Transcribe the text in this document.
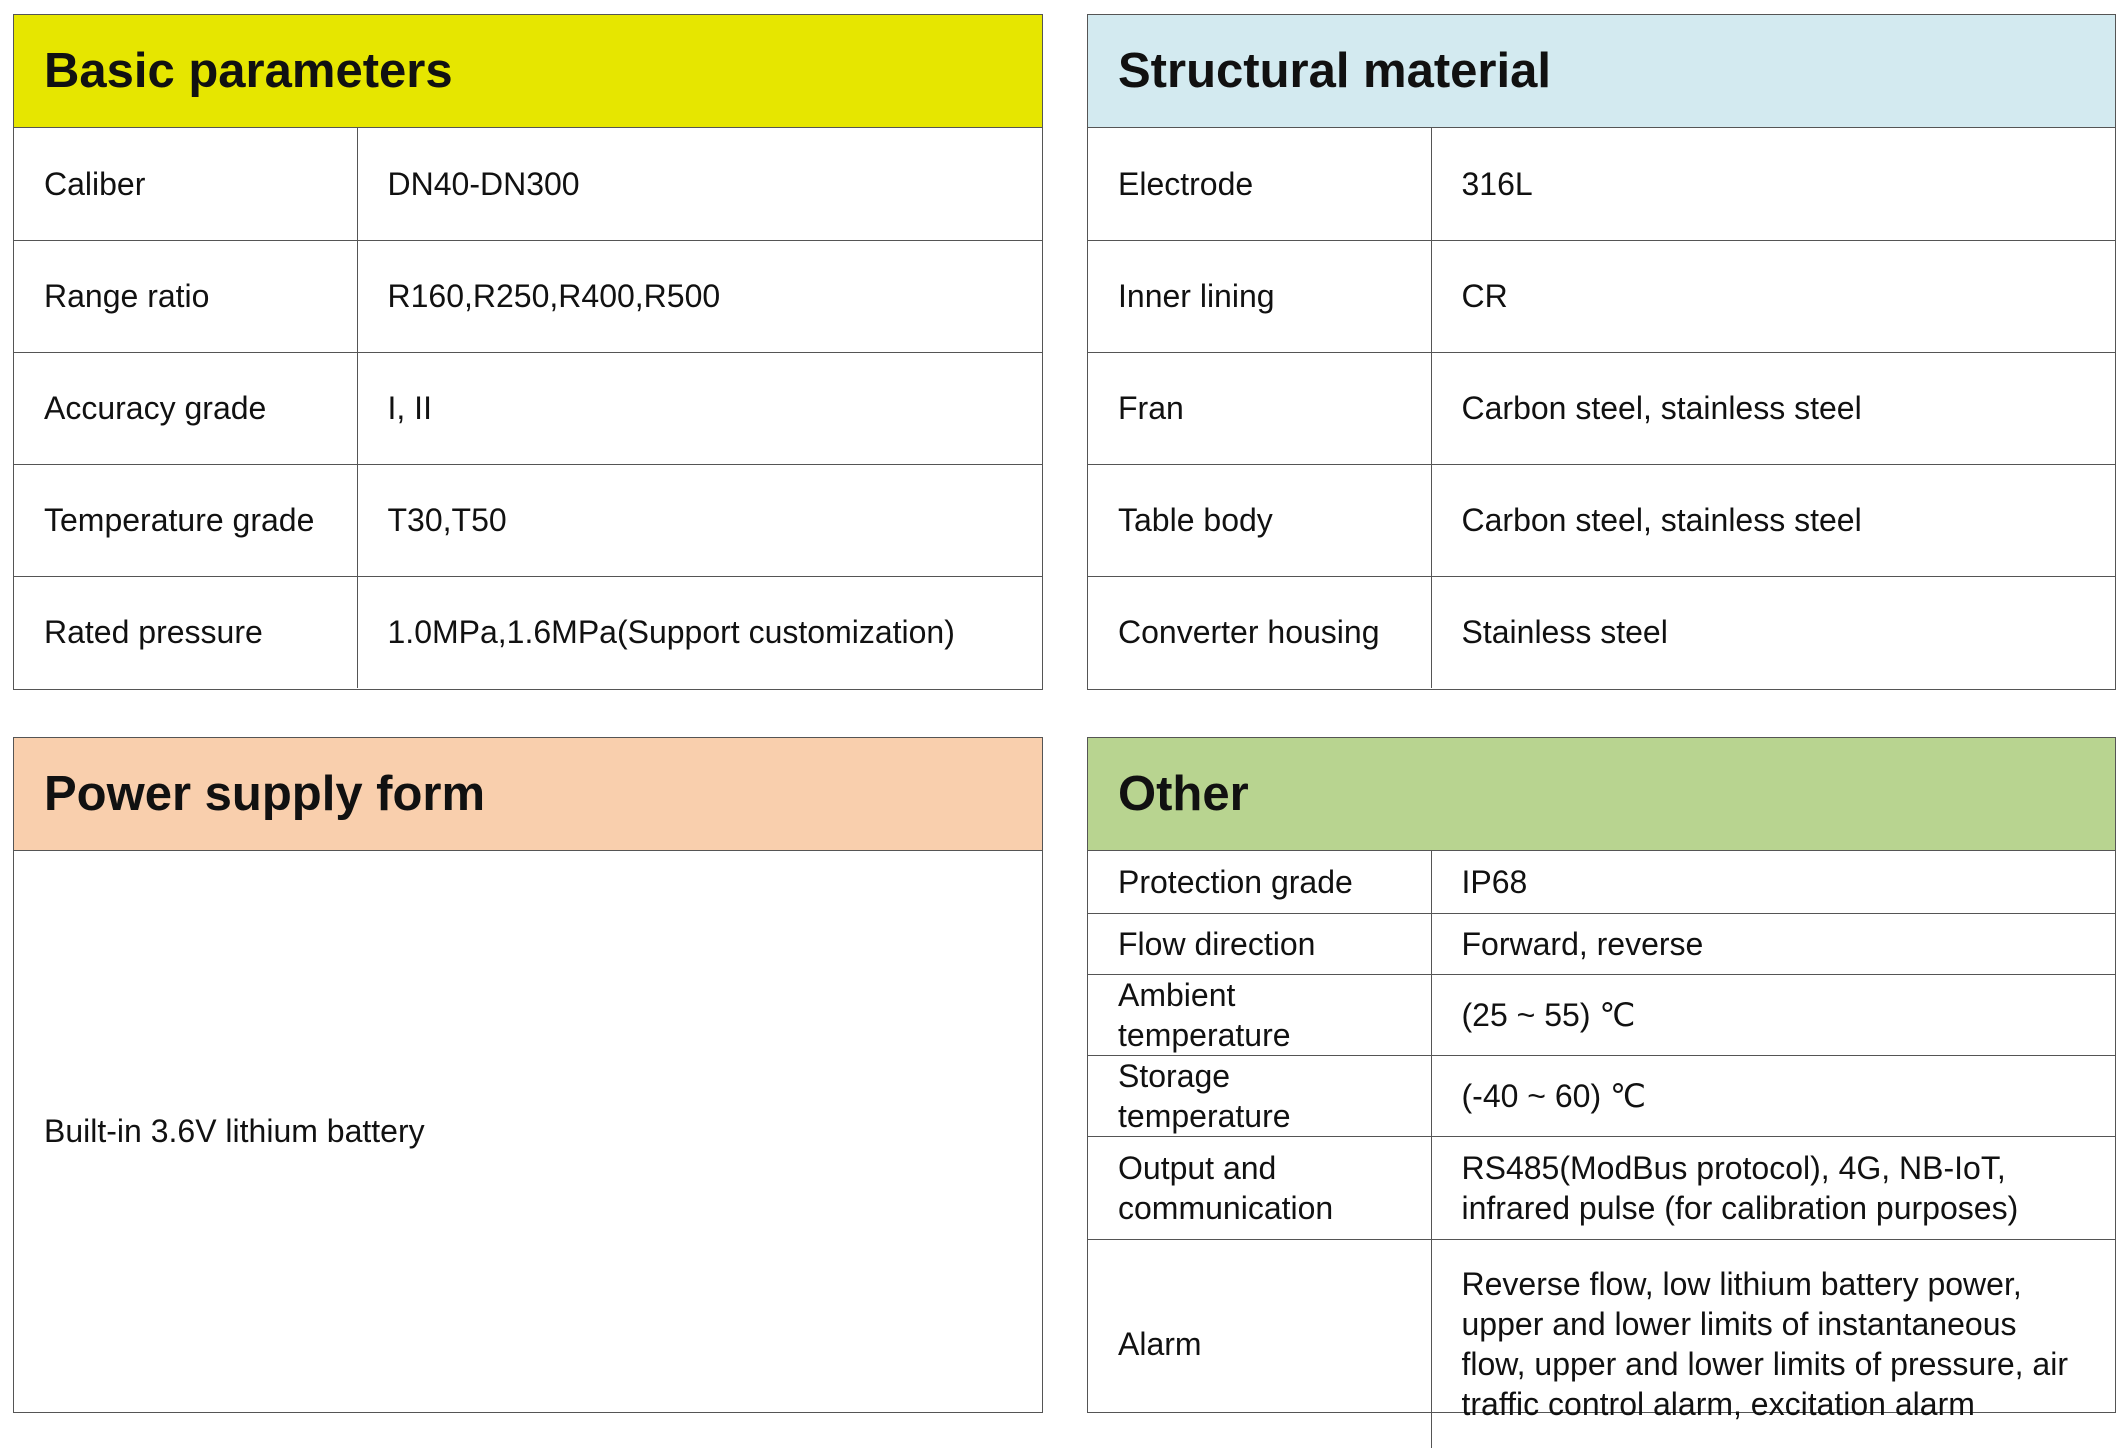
Basic parameters
Caliber	DN40-DN300
Range ratio	R160,R250,R400,R500
Accuracy grade	I, II
Temperature grade	T30,T50
Rated pressure	1.0MPa,1.6MPa(Support customization)
Structural material
Electrode	316L
Inner lining	CR
Fran	Carbon steel, stainless steel
Table body	Carbon steel, stainless steel
Converter housing	Stainless steel
Power supply form
Built-in 3.6V lithium battery
Other
Protection grade	IP68
Flow direction	Forward, reverse
Ambient temperature	(25 ~ 55) ℃
Storage temperature	(-40 ~ 60) ℃
Output and communication	RS485(ModBus protocol), 4G, NB-IoT, infrared pulse (for calibration purposes)
Alarm	Reverse flow, low lithium battery power, upper and lower limits of instantaneous flow, upper and lower limits of pressure, air traffic control alarm, excitation alarm
